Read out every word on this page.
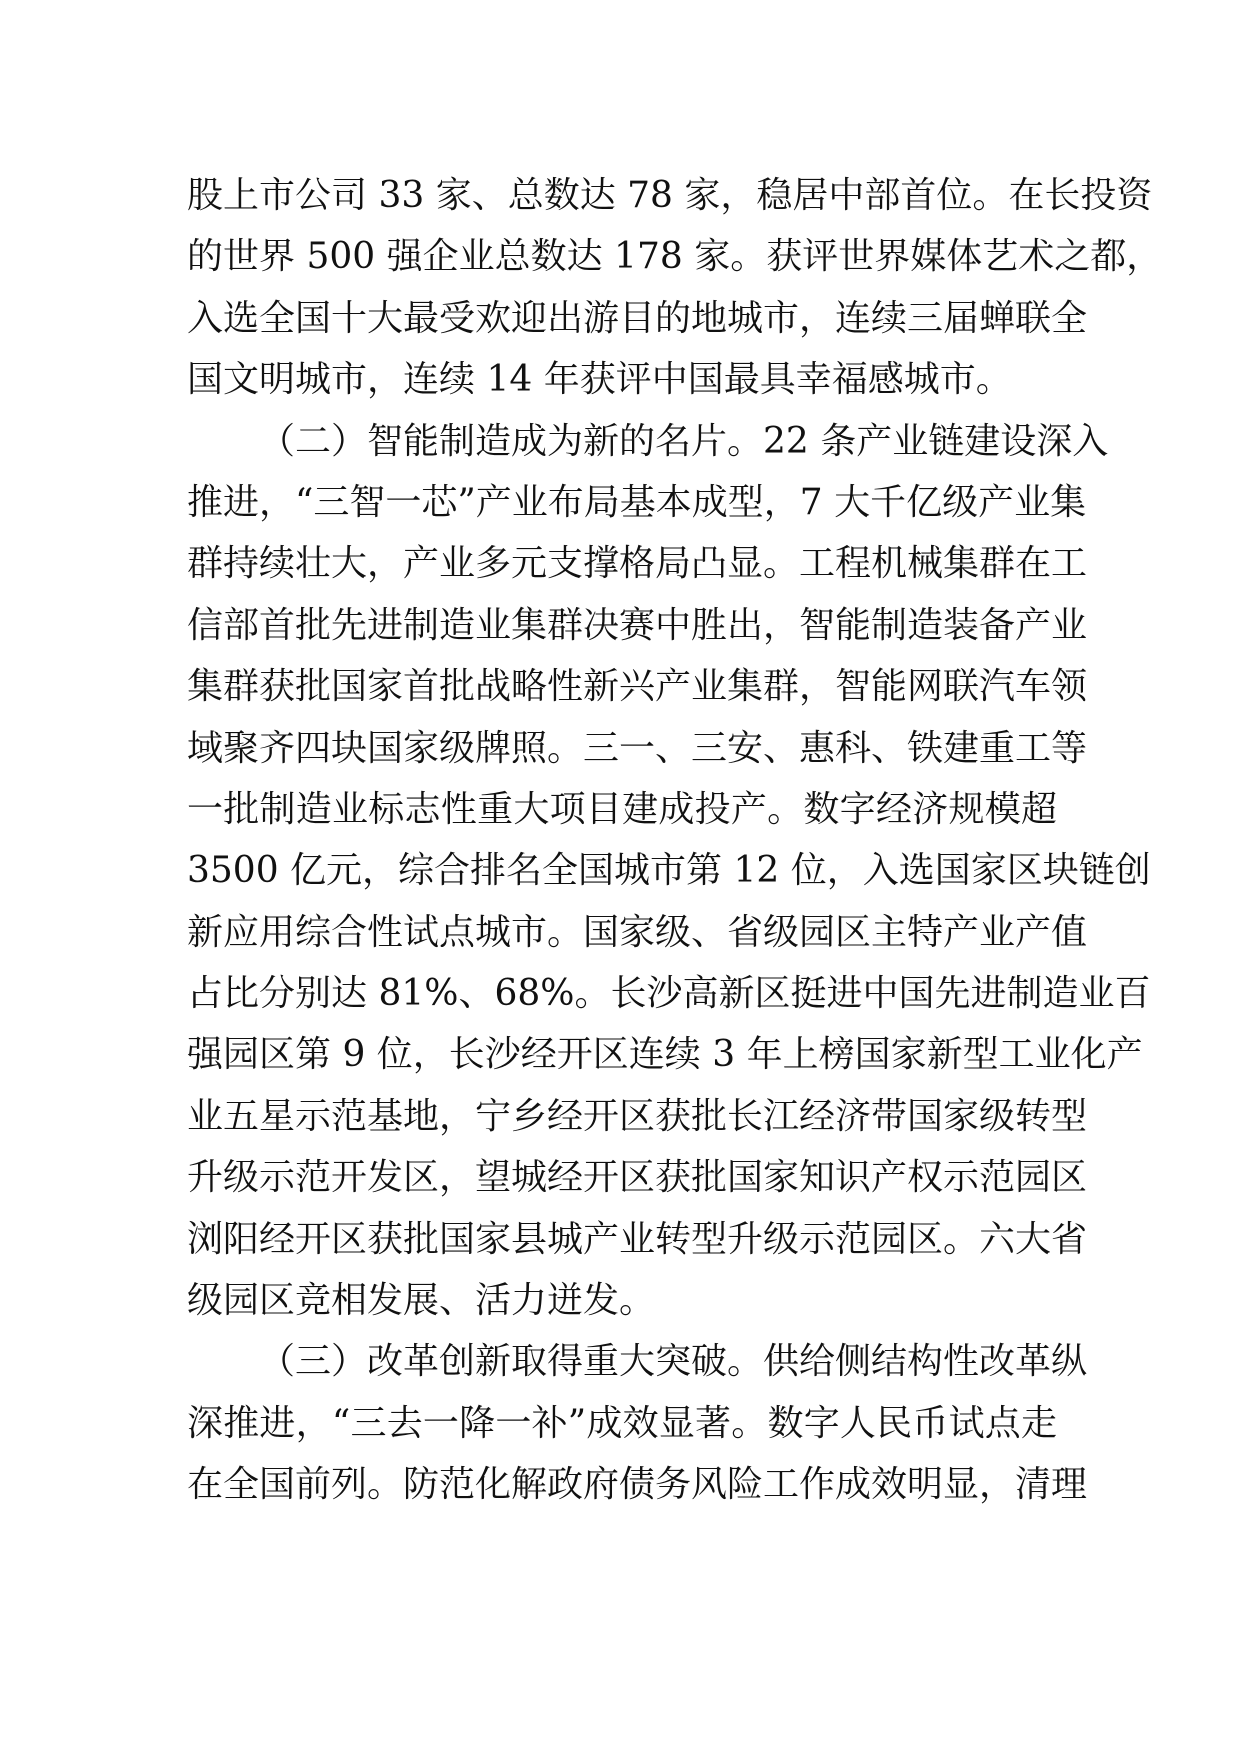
股上市公司 33 家、总数达 78 家，稳居中部首位。在长投资
的世界 500 强企业总数达 178 家。获评世界媒体艺术之都，
入选全国十大最受欢迎出游目的地城市，连续三届蝉联全
国文明城市，连续 14 年获评中国最具幸福感城市。
（二）智能制造成为新的名片。22 条产业链建设深入
推进，“三智一芯”产业布局基本成型，7 大千亿级产业集
群持续壮大，产业多元支撑格局凸显。工程机械集群在工
信部首批先进制造业集群决赛中胜出，智能制造装备产业
集群获批国家首批战略性新兴产业集群，智能网联汽车领
域聚齐四块国家级牌照。三一、三安、惠科、铁建重工等
一批制造业标志性重大项目建成投产。数字经济规模超
3500 亿元，综合排名全国城市第 12 位，入选国家区块链创
新应用综合性试点城市。国家级、省级园区主特产业产值
占比分别达 81%、68%。长沙高新区挺进中国先进制造业百
强园区第 9 位，长沙经开区连续 3 年上榜国家新型工业化产
业五星示范基地，宁乡经开区获批长江经济带国家级转型
升级示范开发区，望城经开区获批国家知识产权示范园区
浏阳经开区获批国家县城产业转型升级示范园区。六大省
级园区竞相发展、活力迸发。
（三）改革创新取得重大突破。供给侧结构性改革纵
深推进，“三去一降一补”成效显著。数字人民币试点走
在全国前列。防范化解政府债务风险工作成效明显，清理
